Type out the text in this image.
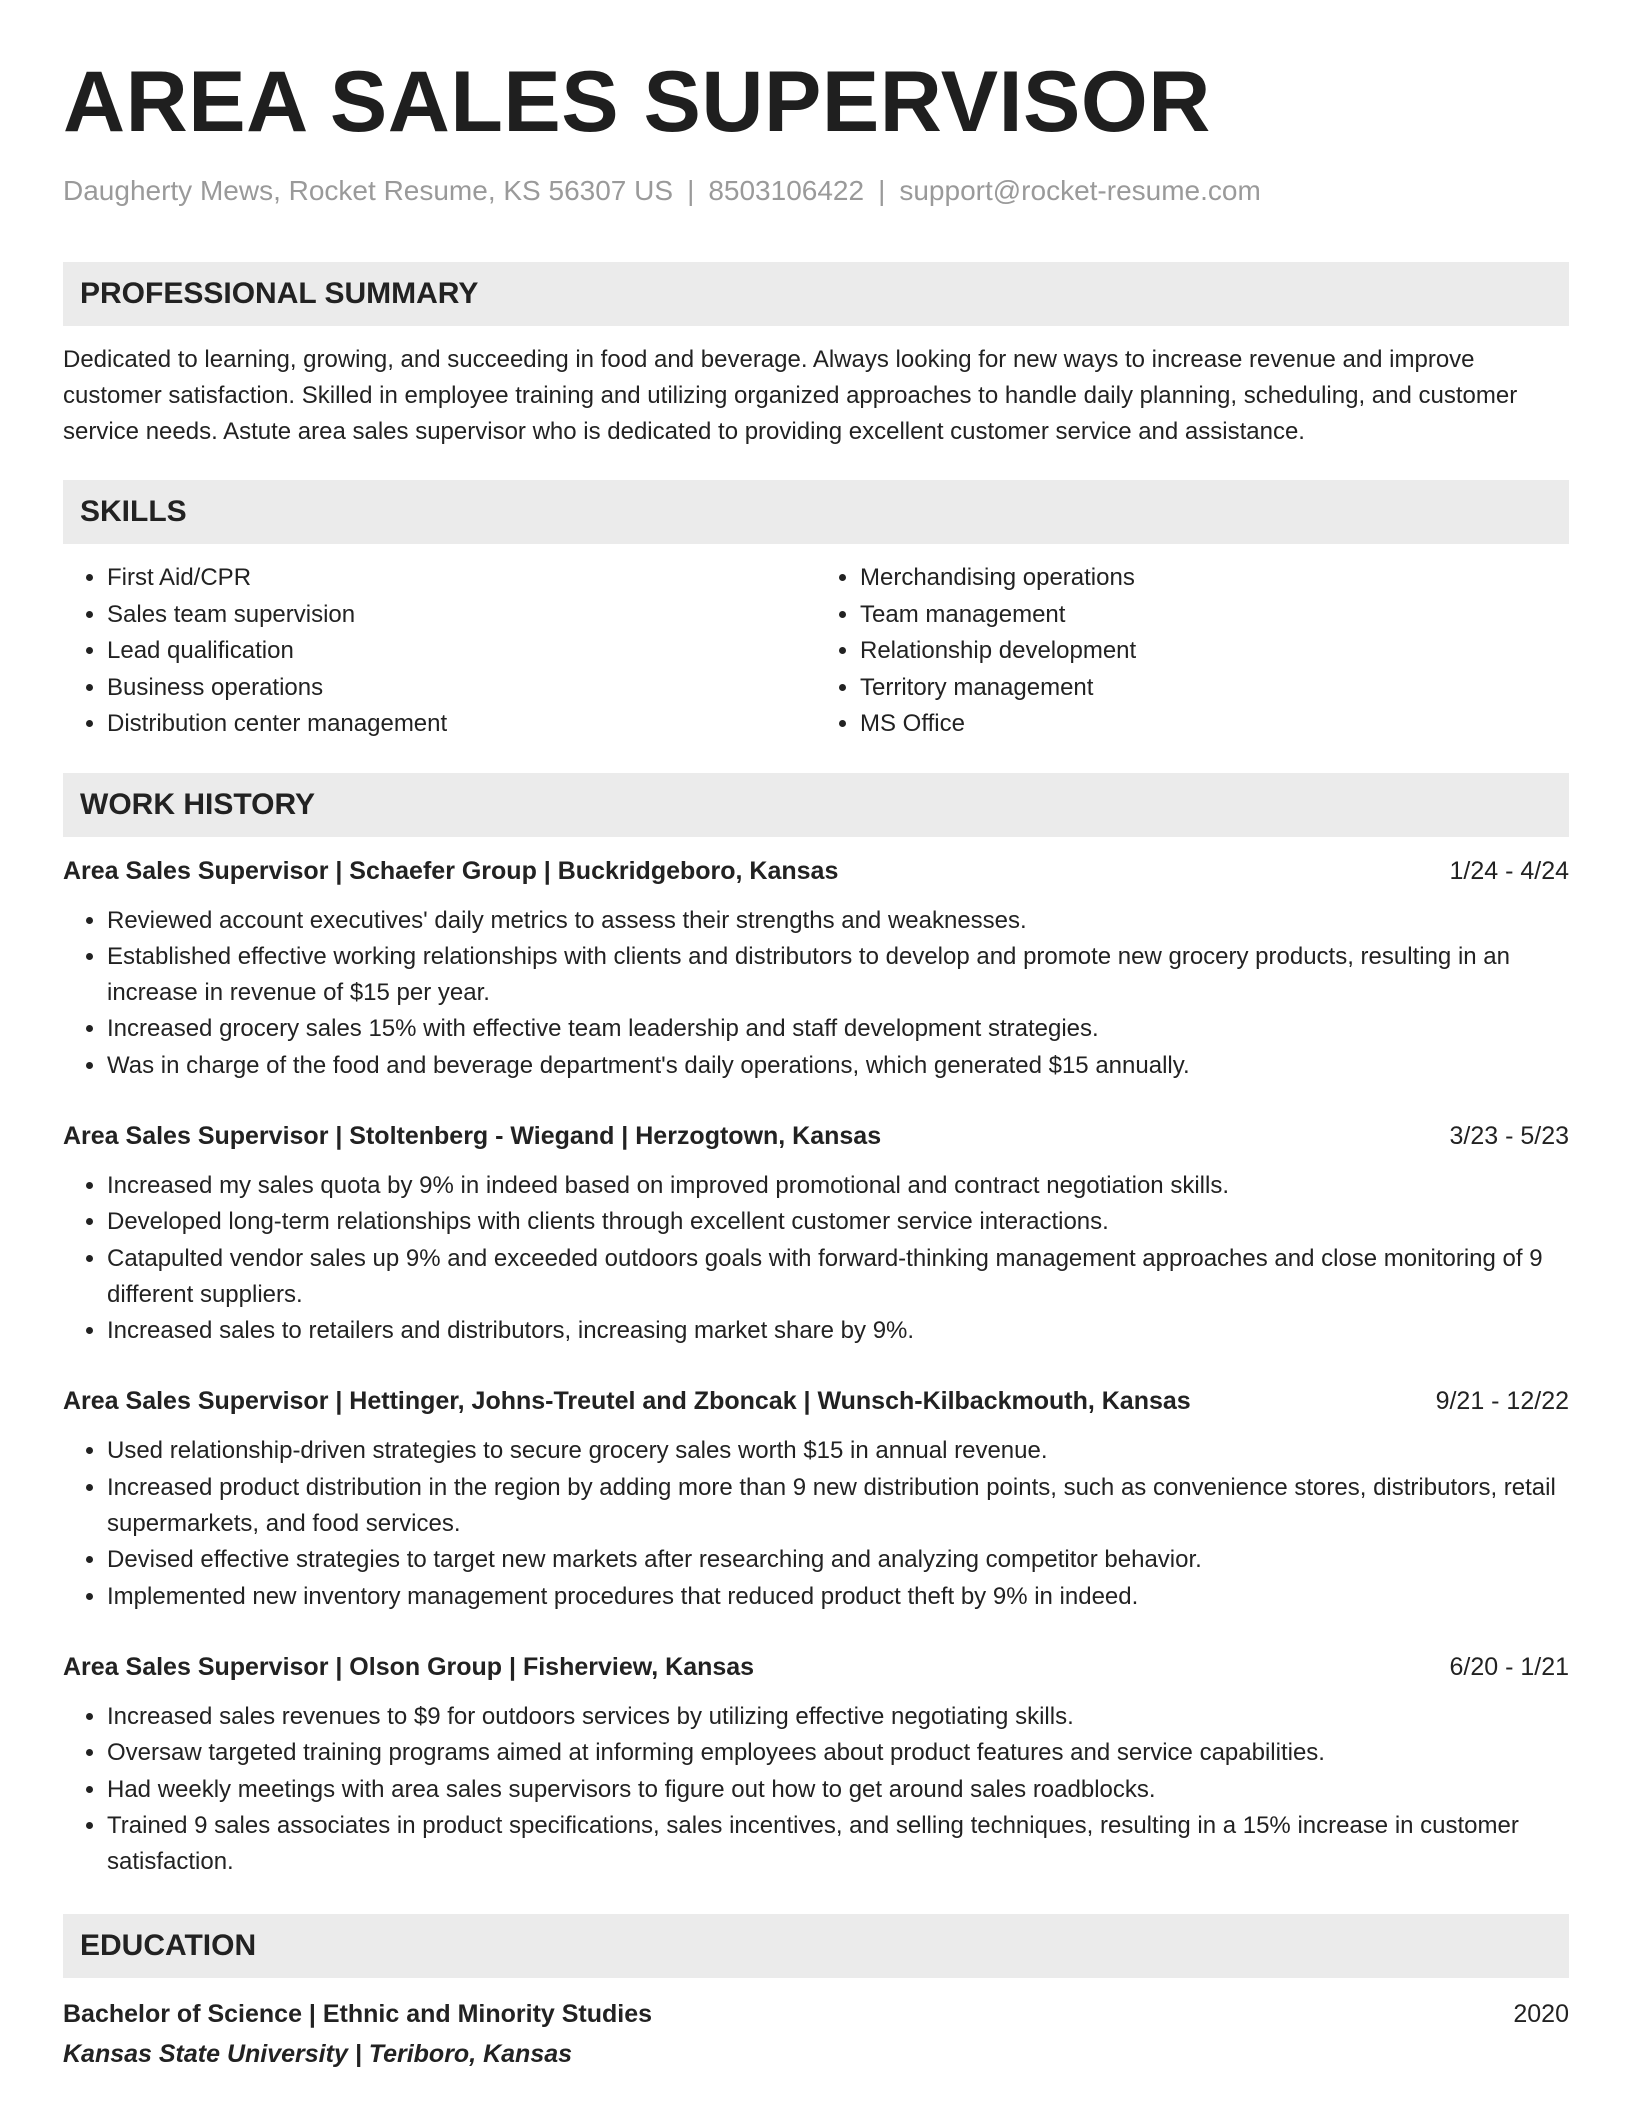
AREA SALES SUPERVISOR
Daugherty Mews, Rocket Resume, KS 56307 US | 8503106422 | support@rocket-resume.com
PROFESSIONAL SUMMARY
Dedicated to learning, growing, and succeeding in food and beverage. Always looking for new ways to increase revenue and improve customer satisfaction. Skilled in employee training and utilizing organized approaches to handle daily planning, scheduling, and customer service needs. Astute area sales supervisor who is dedicated to providing excellent customer service and assistance.
SKILLS
• First Aid/CPR
• Sales team supervision
• Lead qualification
• Business operations
• Distribution center management
• Merchandising operations
• Team management
• Relationship development
• Territory management
• MS Office
WORK HISTORY
Area Sales Supervisor | Schaefer Group | Buckridgeboro, Kansas	1/24 - 4/24
• Reviewed account executives' daily metrics to assess their strengths and weaknesses.
• Established effective working relationships with clients and distributors to develop and promote new grocery products, resulting in an increase in revenue of $15 per year.
• Increased grocery sales 15% with effective team leadership and staff development strategies.
• Was in charge of the food and beverage department's daily operations, which generated $15 annually.
Area Sales Supervisor | Stoltenberg - Wiegand | Herzogtown, Kansas	3/23 - 5/23
• Increased my sales quota by 9% in indeed based on improved promotional and contract negotiation skills.
• Developed long-term relationships with clients through excellent customer service interactions.
• Catapulted vendor sales up 9% and exceeded outdoors goals with forward-thinking management approaches and close monitoring of 9 different suppliers.
• Increased sales to retailers and distributors, increasing market share by 9%.
Area Sales Supervisor | Hettinger, Johns-Treutel and Zboncak | Wunsch-Kilbackmouth, Kansas	9/21 - 12/22
• Used relationship-driven strategies to secure grocery sales worth $15 in annual revenue.
• Increased product distribution in the region by adding more than 9 new distribution points, such as convenience stores, distributors, retail supermarkets, and food services.
• Devised effective strategies to target new markets after researching and analyzing competitor behavior.
• Implemented new inventory management procedures that reduced product theft by 9% in indeed.
Area Sales Supervisor | Olson Group | Fisherview, Kansas	6/20 - 1/21
• Increased sales revenues to $9 for outdoors services by utilizing effective negotiating skills.
• Oversaw targeted training programs aimed at informing employees about product features and service capabilities.
• Had weekly meetings with area sales supervisors to figure out how to get around sales roadblocks.
• Trained 9 sales associates in product specifications, sales incentives, and selling techniques, resulting in a 15% increase in customer satisfaction.
EDUCATION
Bachelor of Science | Ethnic and Minority Studies	2020
Kansas State University | Teriboro, Kansas
